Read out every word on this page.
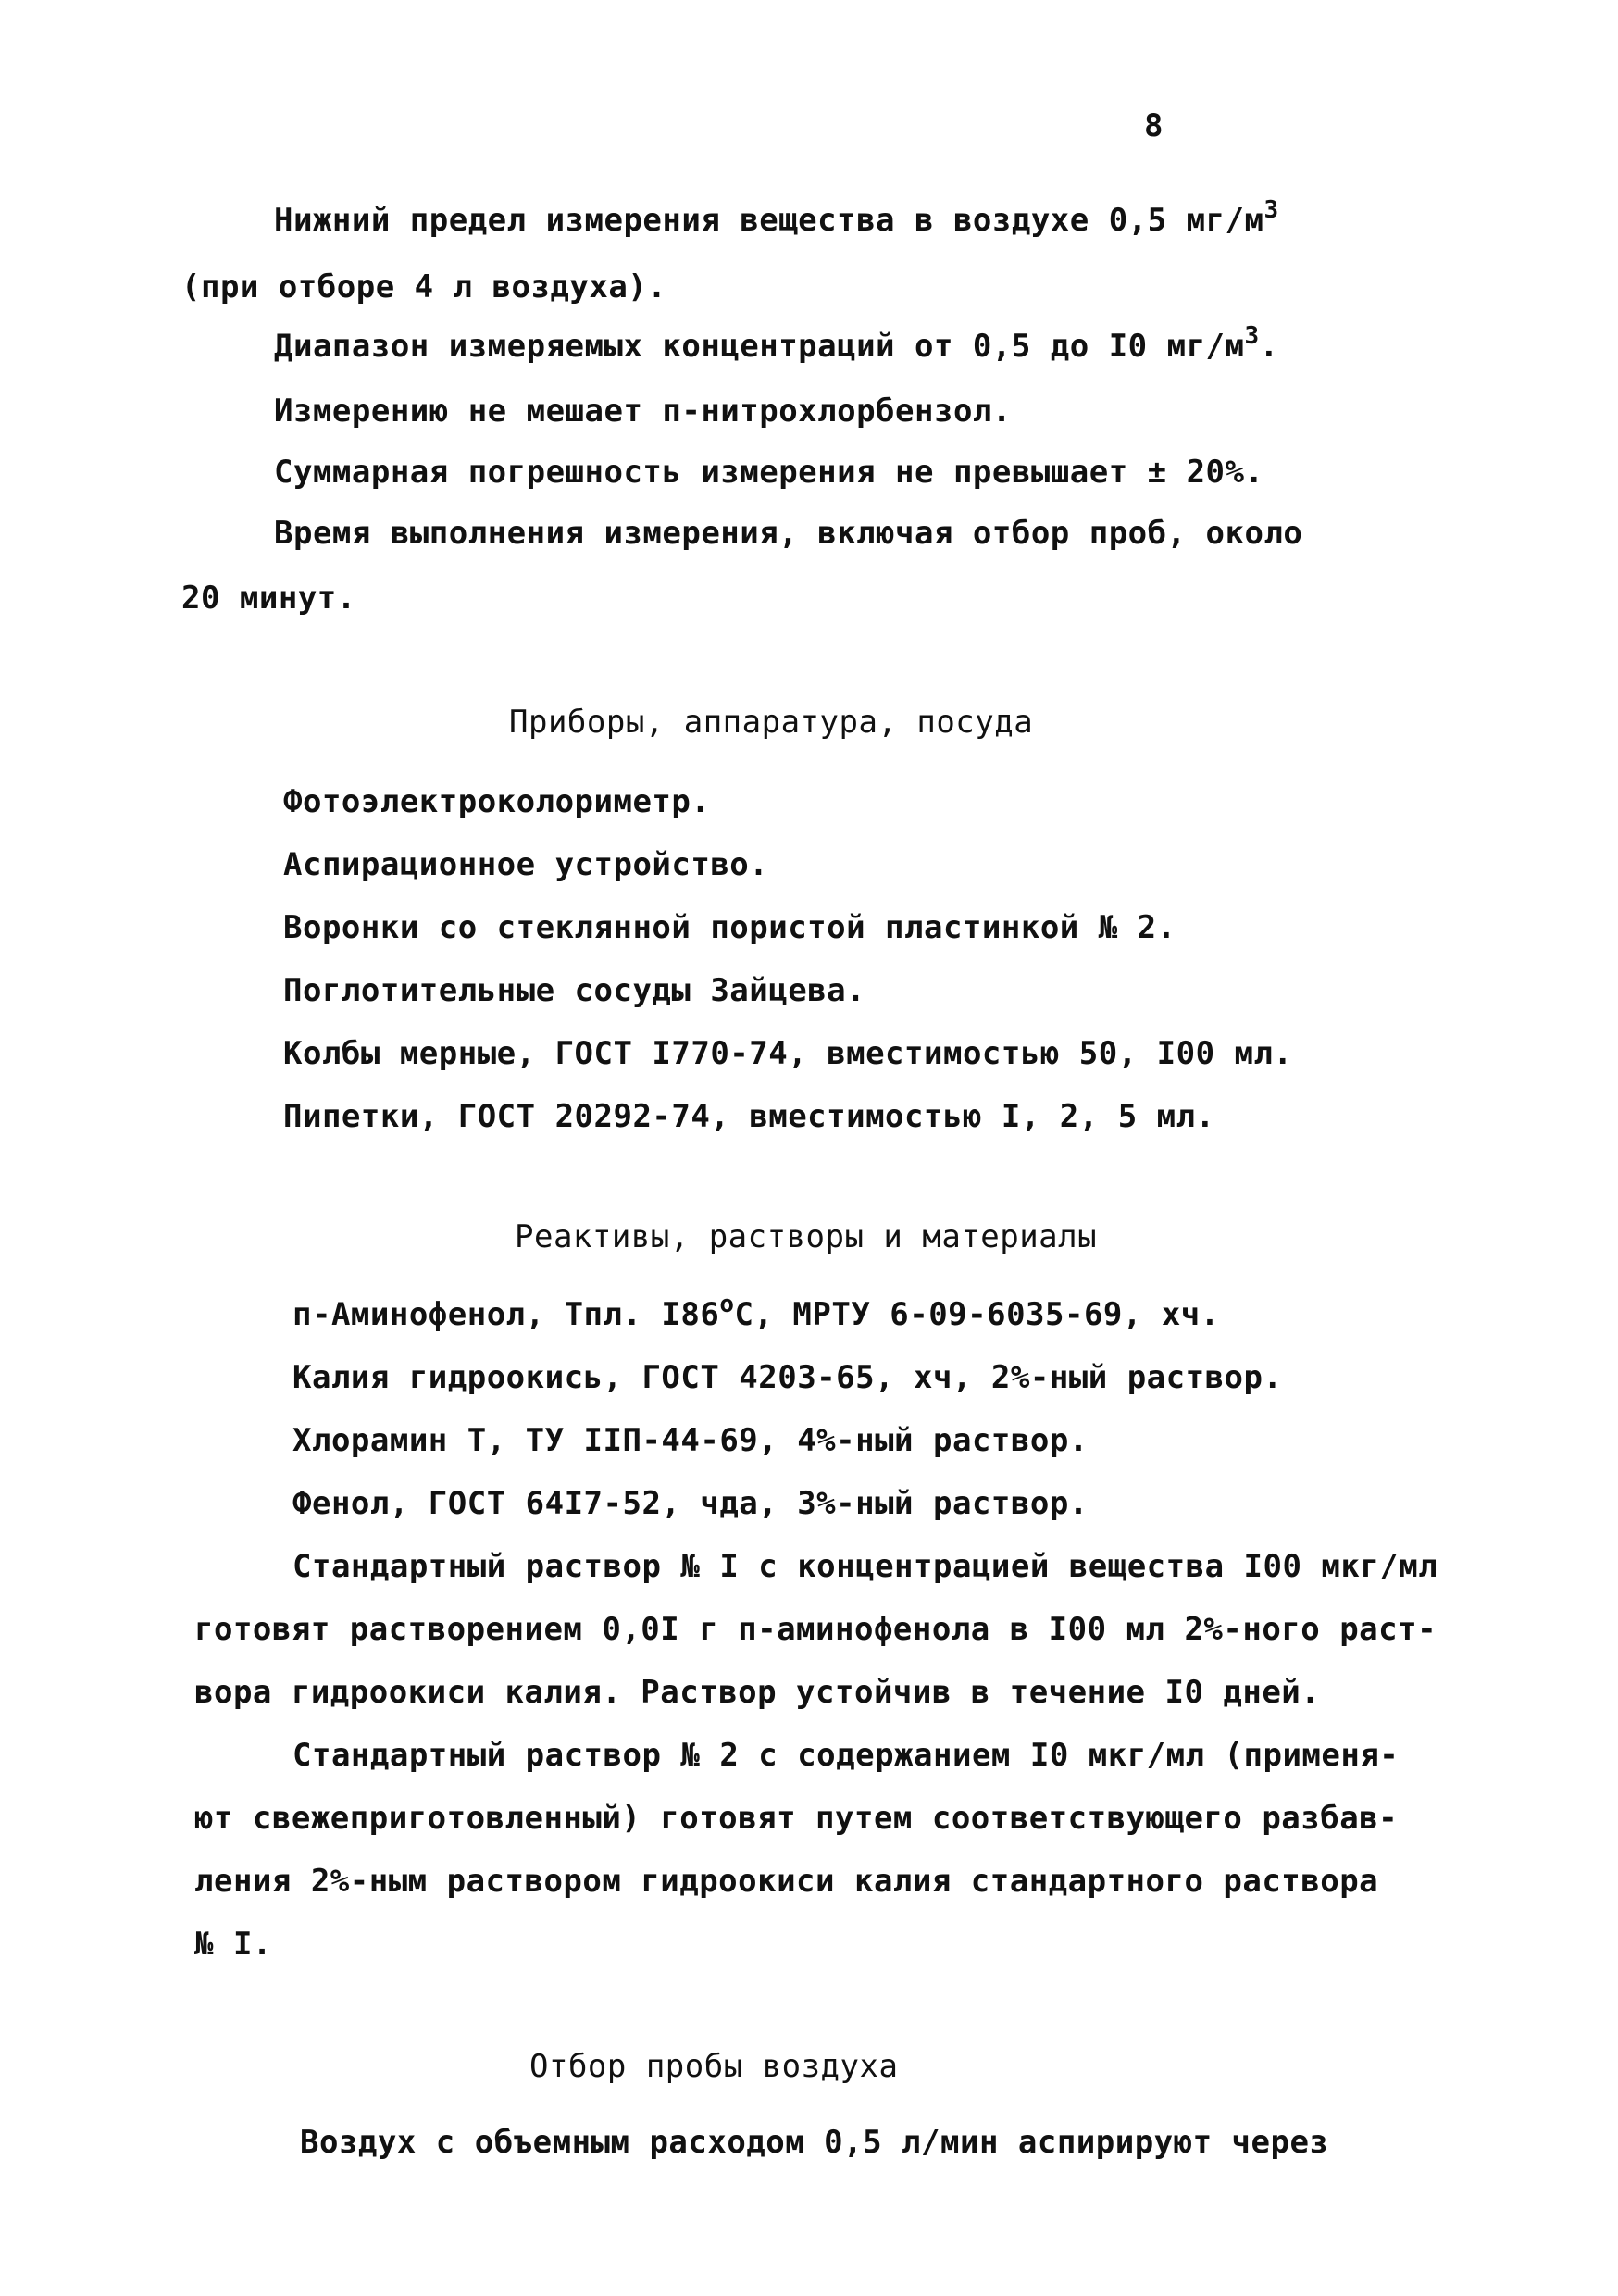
8
Нижний предел измерения вещества в воздухе 0,5 $мг/м^3$
(при отборе 4 л воздуха).
Диапазон измеряемых концентраций от 0,5 до I0 $мг/м^3$.
Измерению не мешает п-нитрохлорбензол.
Суммарная погрешность измерения не превышает ± 20%.
Время выполнения измерения, включая отбор проб, около
20 минут.
Приборы, аппаратура, посуда
Фотоэлектроколориметр.
Аспирационное устройство.
Воронки со стеклянной пористой пластинкой № 2.
Поглотительные сосуды Зайцева.
Колбы мерные, ГОСТ I770-74, вместимостью 50, I00 мл.
Пипетки, ГОСТ 20292-74, вместимостью I, 2, 5 мл.
Реактивы, растворы и материалы
п-Аминофенол, Тпл. $I86^оС$, МРТУ 6-09-6035-69, хч.
Калия гидроокись, ГОСТ 4203-65, хч, 2%-ный раствор.
Хлорамин Т, ТУ IIП-44-69, 4%-ный раствор.
Фенол, ГОСТ 64I7-52, чда, 3%-ный раствор.
Стандартный раствор № I с концентрацией вещества I00 мкг/мл
готовят растворением 0,0I г п-аминофенола в I00 мл 2%-ного раст-
вора гидроокиси калия. Раствор устойчив в течение I0 дней.
Стандартный раствор № 2 с содержанием I0 мкг/мл (применя-
ют свежеприготовленный) готовят путем соответствующего разбав-
ления 2%-ным раствором гидроокиси калия стандартного раствора
№ I.
Отбор пробы воздуха
Воздух с объемным расходом 0,5 л/мин аспирируют через
